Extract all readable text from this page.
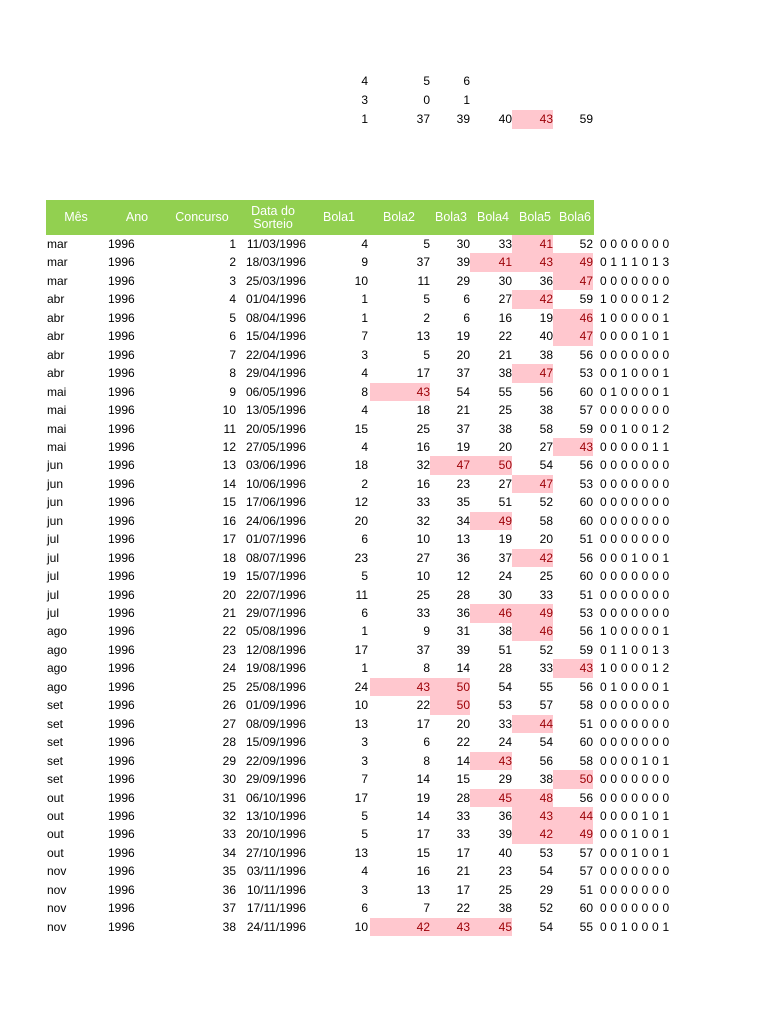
4	5	6
3	0	1
1	37	39	40	43	59
Mês	Ano	Concurso	Data do Sorteio	Bola1	Bola2	Bola3 Bola4 Bola5 Bola6
mar	1996	1 11/03/1996	4	5	30	33	41	52 0 0 0 0 0 0 0
mar	1996	2 18/03/1996	9	37	39	41	43	49 0 1 1 1 0 1 3
mar	1996	3 25/03/1996	10	11	29	30	36	47 0 0 0 0 0 0 0
abr	1996	4 01/04/1996	1	5	6	27	42	59 1 0 0 0 0 1 2
abr	1996	5 08/04/1996	1	2	6	16	19	46 1 0 0 0 0 0 1
abr	1996	6 15/04/1996	7	13	19	22	40	47 0 0 0 0 1 0 1
abr	1996	7 22/04/1996	3	5	20	21	38	56 0 0 0 0 0 0 0
abr	1996	8 29/04/1996	4	17	37	38	47	53 0 0 1 0 0 0 1
mai	1996	9 06/05/1996	8	43	54	55	56	60 0 1 0 0 0 0 1
mai	1996	10 13/05/1996	4	18	21	25	38	57 0 0 0 0 0 0 0
mai	1996	11 20/05/1996	15	25	37	38	58	59 0 0 1 0 0 1 2
mai	1996	12 27/05/1996	4	16	19	20	27	43 0 0 0 0 0 1 1
jun	1996	13 03/06/1996	18	32	47	50	54	56 0 0 0 0 0 0 0
jun	1996	14 10/06/1996	2	16	23	27	47	53 0 0 0 0 0 0 0
jun	1996	15 17/06/1996	12	33	35	51	52	60 0 0 0 0 0 0 0
jun	1996	16 24/06/1996	20	32	34	49	58	60 0 0 0 0 0 0 0
jul	1996	17 01/07/1996	6	10	13	19	20	51 0 0 0 0 0 0 0
jul	1996	18 08/07/1996	23	27	36	37	42	56 0 0 0 1 0 0 1
jul	1996	19 15/07/1996	5	10	12	24	25	60 0 0 0 0 0 0 0
jul	1996	20 22/07/1996	11	25	28	30	33	51 0 0 0 0 0 0 0
jul	1996	21 29/07/1996	6	33	36	46	49	53 0 0 0 0 0 0 0
ago	1996	22 05/08/1996	1	9	31	38	46	56 1 0 0 0 0 0 1
ago	1996	23 12/08/1996	17	37	39	51	52	59 0 1 1 0 0 1 3
ago	1996	24 19/08/1996	1	8	14	28	33	43 1 0 0 0 0 1 2
ago	1996	25 25/08/1996	24	43	50	54	55	56 0 1 0 0 0 0 1
set	1996	26 01/09/1996	10	22	50	53	57	58 0 0 0 0 0 0 0
set	1996	27 08/09/1996	13	17	20	33	44	51 0 0 0 0 0 0 0
set	1996	28 15/09/1996	3	6	22	24	54	60 0 0 0 0 0 0 0
set	1996	29 22/09/1996	3	8	14	43	56	58 0 0 0 0 1 0 1
set	1996	30 29/09/1996	7	14	15	29	38	50 0 0 0 0 0 0 0
out	1996	31 06/10/1996	17	19	28	45	48	56 0 0 0 0 0 0 0
out	1996	32 13/10/1996	5	14	33	36	43	44 0 0 0 0 1 0 1
out	1996	33 20/10/1996	5	17	33	39	42	49 0 0 0 1 0 0 1
out	1996	34 27/10/1996	13	15	17	40	53	57 0 0 0 1 0 0 1
nov	1996	35 03/11/1996	4	16	21	23	54	57 0 0 0 0 0 0 0
nov	1996	36 10/11/1996	3	13	17	25	29	51 0 0 0 0 0 0 0
nov	1996	37 17/11/1996	6	7	22	38	52	60 0 0 0 0 0 0 0
nov	1996	38 24/11/1996	10	42	43	45	54	55 0 0 1 0 0 0 1
